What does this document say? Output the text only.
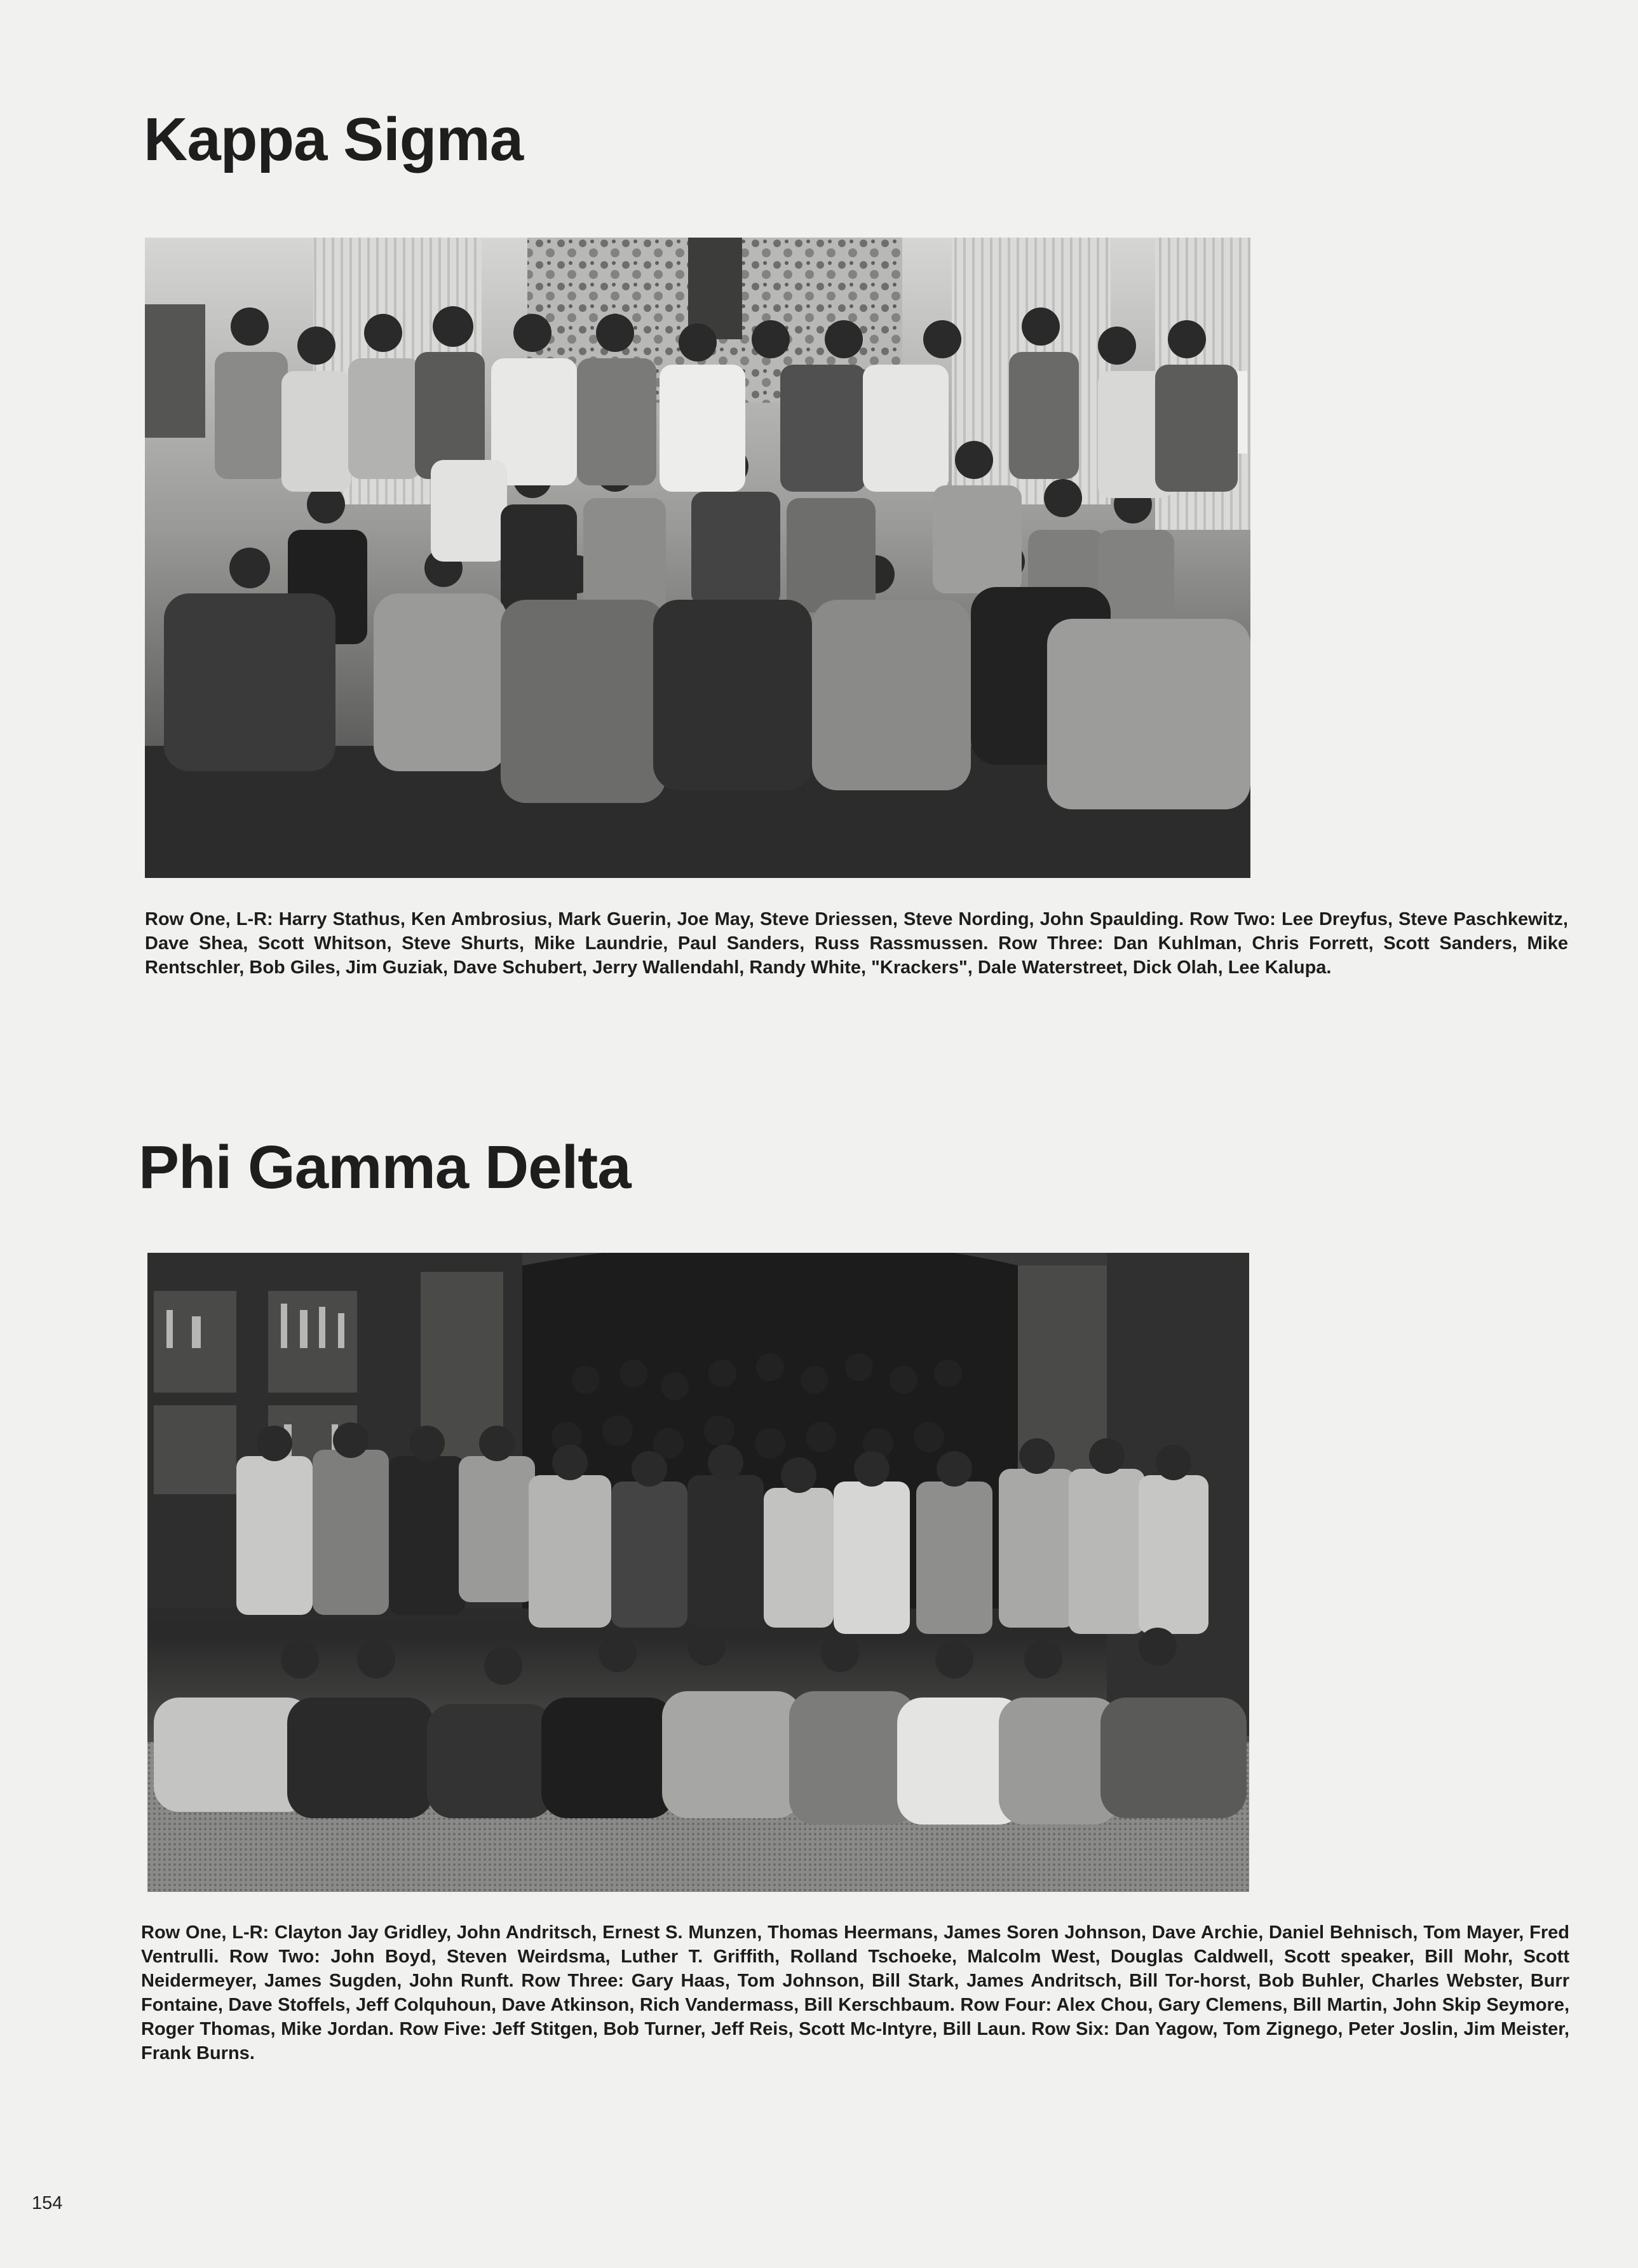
Kappa Sigma

Row One, L-R: Harry Stathus, Ken Ambrosius, Mark Guerin, Joe May, Steve Driessen, Steve Nording, John Spaulding. Row Two: Lee Dreyfus, Steve Paschkewitz, Dave Shea, Scott Whitson, Steve Shurts, Mike Laundrie, Paul Sanders, Russ Rassmussen. Row Three: Dan Kuhlman, Chris Forrett, Scott Sanders, Mike Rentschler, Bob Giles, Jim Guziak, Dave Schubert, Jerry Wallendahl, Randy White, "Krackers", Dale Waterstreet, Dick Olah, Lee Kalupa.

Phi Gamma Delta

Row One, L-R: Clayton Jay Gridley, John Andritsch, Ernest S. Munzen, Thomas Heermans, James Soren Johnson, Dave Archie, Daniel Behnisch, Tom Mayer, Fred Ventrulli. Row Two: John Boyd, Steven Weirdsma, Luther T. Griffith, Rolland Tschoeke, Malcolm West, Douglas Caldwell, Scott speaker, Bill Mohr, Scott Neidermeyer, James Sugden, John Runft. Row Three: Gary Haas, Tom Johnson, Bill Stark, James Andritsch, Bill Tor-horst, Bob Buhler, Charles Webster, Burr Fontaine, Dave Stoffels, Jeff Colquhoun, Dave Atkinson, Rich Vandermass, Bill Kerschbaum. Row Four: Alex Chou, Gary Clemens, Bill Martin, John Skip Seymore, Roger Thomas, Mike Jordan. Row Five: Jeff Stitgen, Bob Turner, Jeff Reis, Scott Mc-Intyre, Bill Laun. Row Six: Dan Yagow, Tom Zignego, Peter Joslin, Jim Meister, Frank Burns.

154
